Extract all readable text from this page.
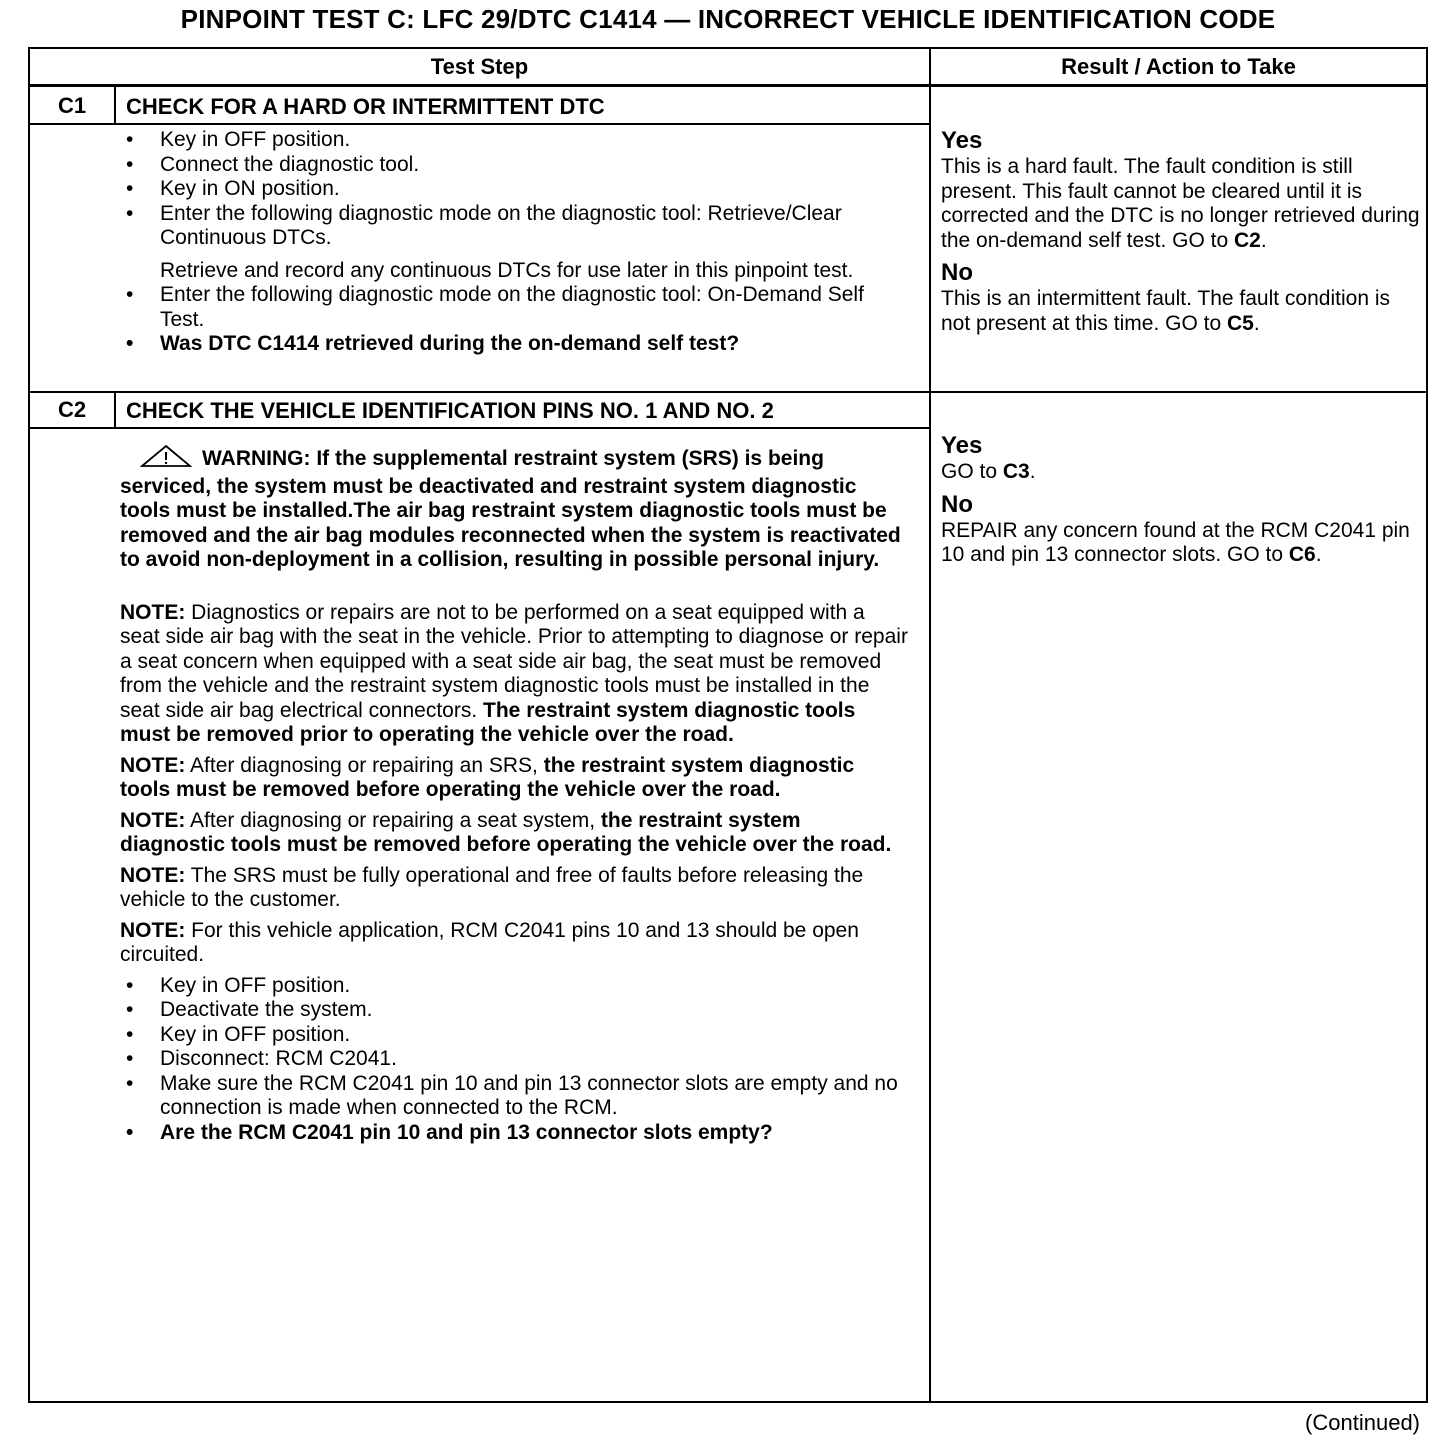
PINPOINT TEST C: LFC 29/DTC C1414 — INCORRECT VEHICLE IDENTIFICATION CODE
Test Step	Result / Action to Take
C1	CHECK FOR A HARD OR INTERMITTENT DTC
• Key in OFF position.
• Connect the diagnostic tool.
• Key in ON position.
• Enter the following diagnostic mode on the diagnostic tool: Retrieve/Clear Continuous DTCs.
Retrieve and record any continuous DTCs for use later in this pinpoint test.
• Enter the following diagnostic mode on the diagnostic tool: On-Demand Self Test.
• Was DTC C1414 retrieved during the on-demand self test?
Yes
This is a hard fault. The fault condition is still present. This fault cannot be cleared until it is corrected and the DTC is no longer retrieved during the on-demand self test. GO to C2.
No
This is an intermittent fault. The fault condition is not present at this time. GO to C5.
C2	CHECK THE VEHICLE IDENTIFICATION PINS NO. 1 AND NO. 2
WARNING: If the supplemental restraint system (SRS) is being serviced, the system must be deactivated and restraint system diagnostic tools must be installed.The air bag restraint system diagnostic tools must be removed and the air bag modules reconnected when the system is reactivated to avoid non-deployment in a collision, resulting in possible personal injury.
NOTE: Diagnostics or repairs are not to be performed on a seat equipped with a seat side air bag with the seat in the vehicle. Prior to attempting to diagnose or repair a seat concern when equipped with a seat side air bag, the seat must be removed from the vehicle and the restraint system diagnostic tools must be installed in the seat side air bag electrical connectors. The restraint system diagnostic tools must be removed prior to operating the vehicle over the road.
NOTE: After diagnosing or repairing an SRS, the restraint system diagnostic tools must be removed before operating the vehicle over the road.
NOTE: After diagnosing or repairing a seat system, the restraint system diagnostic tools must be removed before operating the vehicle over the road.
NOTE: The SRS must be fully operational and free of faults before releasing the vehicle to the customer.
NOTE: For this vehicle application, RCM C2041 pins 10 and 13 should be open circuited.
• Key in OFF position.
• Deactivate the system.
• Key in OFF position.
• Disconnect: RCM C2041.
• Make sure the RCM C2041 pin 10 and pin 13 connector slots are empty and no connection is made when connected to the RCM.
• Are the RCM C2041 pin 10 and pin 13 connector slots empty?
Yes
GO to C3.
No
REPAIR any concern found at the RCM C2041 pin 10 and pin 13 connector slots. GO to C6.
(Continued)
